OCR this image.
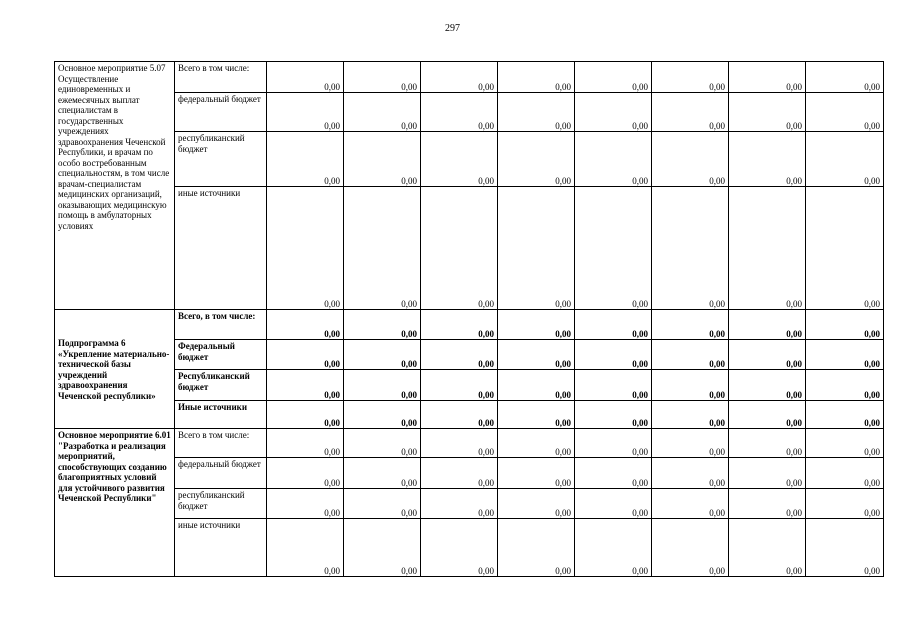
297
Основное мероприятие 5.07 Осуществление единовременных и ежемесячных выплат специалистам в государственных учреждениях здравоохранения Чеченской Республики, и врачам по особо востребованным специальностям, в том числе врачам-специалистам медицинских организаций, оказывающих медицинскую помощь в амбулаторных условиях	Всего в том числе:	0,00	0,00	0,00	0,00	0,00	0,00	0,00	0,00
	федеральный бюджет	0,00	0,00	0,00	0,00	0,00	0,00	0,00	0,00
	республиканский бюджет	0,00	0,00	0,00	0,00	0,00	0,00	0,00	0,00
	иные источники	0,00	0,00	0,00	0,00	0,00	0,00	0,00	0,00
Подпрограмма 6 «Укрепление материально-технической базы учреждений здравоохранения Чеченской республики»	Всего, в том числе:	0,00	0,00	0,00	0,00	0,00	0,00	0,00	0,00
	Федеральный бюджет	0,00	0,00	0,00	0,00	0,00	0,00	0,00	0,00
	Республиканский бюджет	0,00	0,00	0,00	0,00	0,00	0,00	0,00	0,00
	Иные источники	0,00	0,00	0,00	0,00	0,00	0,00	0,00	0,00
Основное мероприятие 6.01 "Разработка и реализация мероприятий, способствующих созданию благоприятных условий для устойчивого развития Чеченской Республики"	Всего в том числе:	0,00	0,00	0,00	0,00	0,00	0,00	0,00	0,00
	федеральный бюджет	0,00	0,00	0,00	0,00	0,00	0,00	0,00	0,00
	республиканский бюджет	0,00	0,00	0,00	0,00	0,00	0,00	0,00	0,00
	иные источники	0,00	0,00	0,00	0,00	0,00	0,00	0,00	0,00
